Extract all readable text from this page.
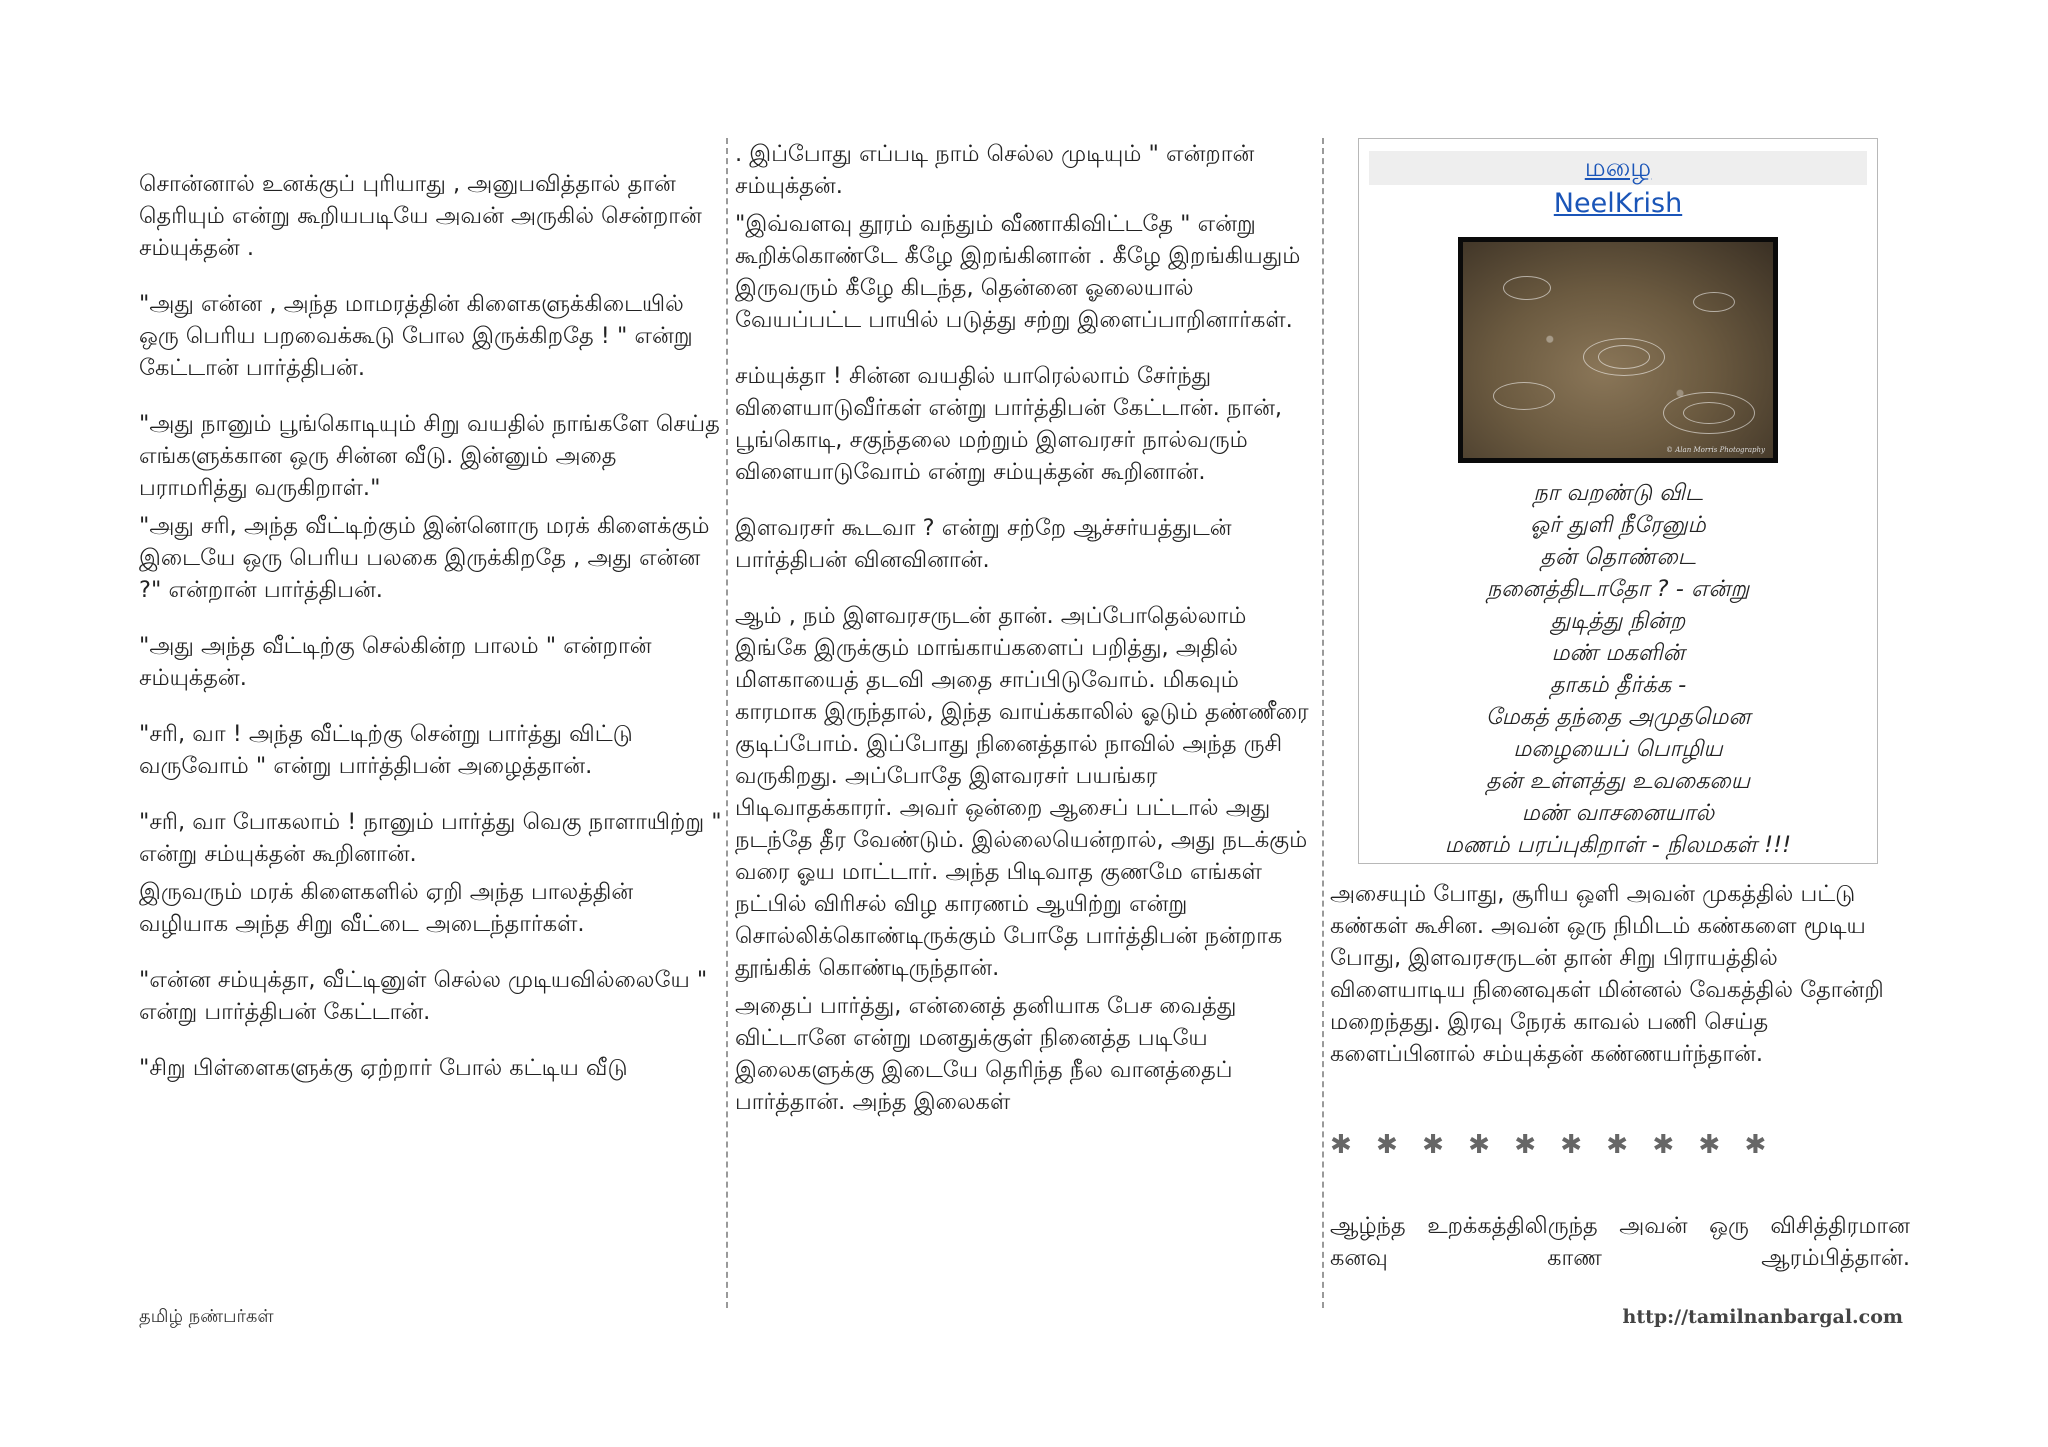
சொன்னால் உனக்குப் புரியாது , அனுபவித்தால் தான் தெரியும் என்று கூறியபடியே அவன் அருகில் சென்றான் சம்யுக்தன் .

"அது என்ன , அந்த மாமரத்தின் கிளைகளுக்கிடையில் ஒரு பெரிய பறவைக்கூடு போல இருக்கிறதே ! " என்று கேட்டான் பார்த்திபன்.

"அது நானும் பூங்கொடியும் சிறு வயதில் நாங்களே செய்த எங்களுக்கான ஒரு சின்ன வீடு. இன்னும் அதை பராமரித்து வருகிறாள்."

"அது சரி, அந்த வீட்டிற்கும் இன்னொரு மரக் கிளைக்கும் இடையே ஒரு பெரிய பலகை இருக்கிறதே , அது என்ன ?" என்றான் பார்த்திபன்.

"அது அந்த வீட்டிற்கு செல்கின்ற பாலம் " என்றான் சம்யுக்தன்.

"சரி, வா ! அந்த வீட்டிற்கு சென்று பார்த்து விட்டு வருவோம் " என்று பார்த்திபன் அழைத்தான்.

"சரி, வா போகலாம் ! நானும் பார்த்து வெகு நாளாயிற்று " என்று சம்யுக்தன் கூறினான்.

இருவரும் மரக் கிளைகளில் ஏறி அந்த பாலத்தின் வழியாக அந்த சிறு வீட்டை அடைந்தார்கள்.

"என்ன சம்யுக்தா, வீட்டினுள் செல்ல முடியவில்லையே " என்று பார்த்திபன் கேட்டான்.

"சிறு பிள்ளைகளுக்கு ஏற்றார் போல் கட்டிய வீடு

. இப்போது எப்படி நாம் செல்ல முடியும் " என்றான் சம்யுக்தன்.

"இவ்வளவு தூரம் வந்தும் வீணாகிவிட்டதே " என்று கூறிக்கொண்டே கீழே இறங்கினான் . கீழே இறங்கியதும் இருவரும் கீழே கிடந்த, தென்னை ஓலையால் வேயப்பட்ட பாயில் படுத்து சற்று இளைப்பாறினார்கள்.

சம்யுக்தா ! சின்ன வயதில் யாரெல்லாம் சேர்ந்து விளையாடுவீர்கள் என்று பார்த்திபன் கேட்டான். நான், பூங்கொடி, சகுந்தலை மற்றும் இளவரசர் நால்வரும் விளையாடுவோம் என்று சம்யுக்தன் கூறினான்.

இளவரசர் கூடவா ? என்று சற்றே ஆச்சர்யத்துடன் பார்த்திபன் வினவினான்.

ஆம் , நம் இளவரசருடன் தான். அப்போதெல்லாம் இங்கே இருக்கும் மாங்காய்களைப் பறித்து, அதில் மிளகாயைத் தடவி அதை சாப்பிடுவோம். மிகவும் காரமாக இருந்தால், இந்த வாய்க்காலில் ஓடும் தண்ணீரை குடிப்போம். இப்போது நினைத்தால் நாவில் அந்த ருசி வருகிறது. அப்போதே இளவரசர் பயங்கர பிடிவாதக்காரர். அவர் ஒன்றை ஆசைப் பட்டால் அது நடந்தே தீர வேண்டும். இல்லையென்றால், அது நடக்கும் வரை ஓய மாட்டார். அந்த பிடிவாத குணமே எங்கள் நட்பில் விரிசல் விழ காரணம் ஆயிற்று என்று சொல்லிக்கொண்டிருக்கும் போதே பார்த்திபன் நன்றாக தூங்கிக் கொண்டிருந்தான்.

அதைப் பார்த்து, என்னைத் தனியாக பேச வைத்து விட்டானே என்று மனதுக்குள் நினைத்த படியே இலைகளுக்கு இடையே தெரிந்த நீல வானத்தைப் பார்த்தான். அந்த இலைகள்

மழை
NeelKrish
© Alan Morris Photography
நா வறண்டு விட
ஓர் துளி நீரேனும்
தன் தொண்டை
நனைத்திடாதோ ? - என்று
துடித்து நின்ற
மண் மகளின்
தாகம் தீர்க்க -
மேகத் தந்தை அமுதமென
மழையைப் பொழிய
தன் உள்ளத்து உவகையை
மண் வாசனையால்
மணம் பரப்புகிறாள் - நிலமகள் !!!

அசையும் போது, சூரிய ஒளி அவன் முகத்தில் பட்டு கண்கள் கூசின. அவன் ஒரு நிமிடம் கண்களை மூடிய போது, இளவரசருடன் தான் சிறு பிராயத்தில் விளையாடிய நினைவுகள் மின்னல் வேகத்தில் தோன்றி மறைந்தது. இரவு நேரக் காவல் பணி செய்த களைப்பினால் சம்யுக்தன் கண்ணயர்ந்தான்.

✱ ✱ ✱ ✱ ✱ ✱ ✱ ✱ ✱ ✱
ஆழ்ந்த உறக்கத்திலிருந்த அவன் ஒரு விசித்திரமான கனவு காண ஆரம்பித்தான்.
தமிழ் நண்பர்கள்	http://tamilnanbargal.com
